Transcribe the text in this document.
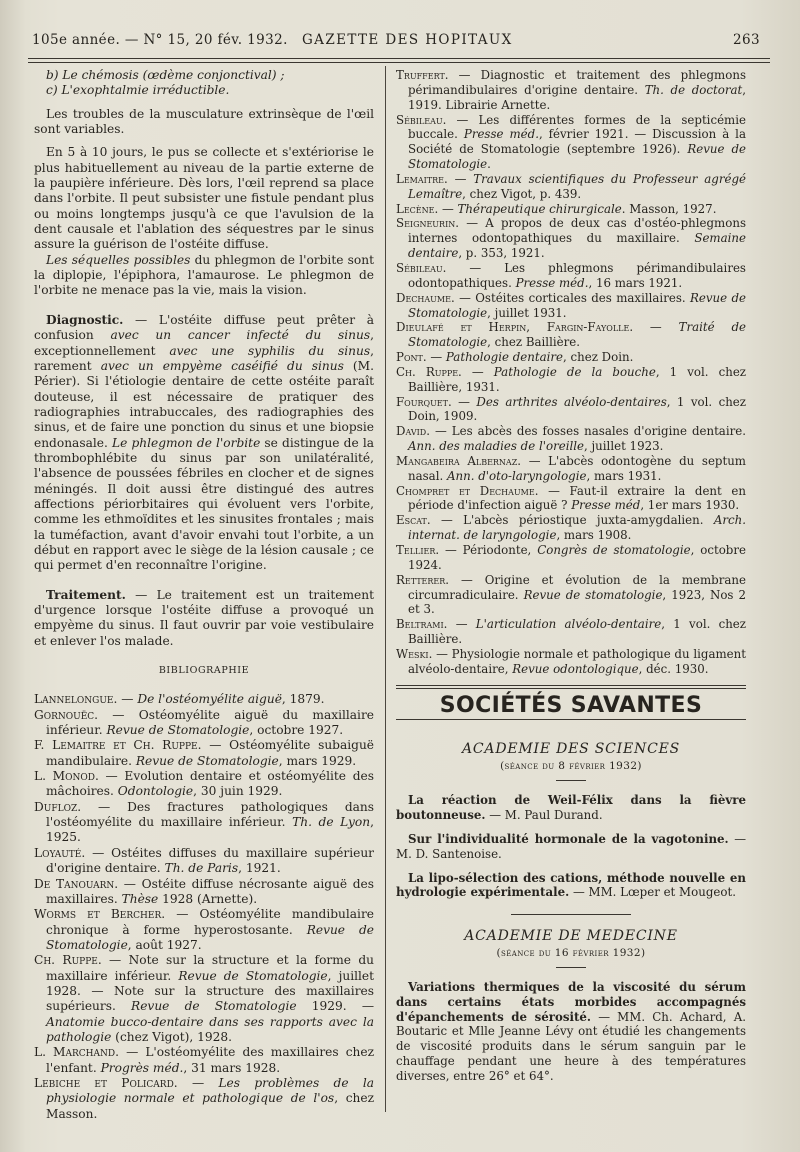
105e année. — N° 15, 20 fév. 1932. GAZETTE DES HOPITAUX	263

b) Le chémosis (œdème conjonctival) ;

c) L'exophtalmie irréductible.

Les troubles de la musculature extrinsèque de l'œil sont variables.

En 5 à 10 jours, le pus se collecte et s'extériorise le plus habituellement au niveau de la partie externe de la paupière inférieure. Dès lors, l'œil reprend sa place dans l'orbite. Il peut subsister une fistule pendant plus ou moins longtemps jusqu'à ce que l'avulsion de la dent causale et l'ablation des séquestres par le sinus assure la guérison de l'ostéite diffuse.

Les séquelles possibles du phlegmon de l'orbite sont la diplopie, l'épiphora, l'amaurose. Le phlegmon de l'orbite ne menace pas la vie, mais la vision.

Diagnostic. — L'ostéite diffuse peut prêter à confusion avec un cancer infecté du sinus, exceptionnellement avec une syphilis du sinus, rarement avec un empyème caséifié du sinus (M. Périer). Si l'étiologie dentaire de cette ostéite paraît douteuse, il est nécessaire de pratiquer des radiographies intrabuccales, des radiographies des sinus, et de faire une ponction du sinus et une biopsie endonasale. Le phlegmon de l'orbite se distingue de la thrombophlébite du sinus par son unilatéralité, l'absence de poussées fébriles en clocher et de signes méningés. Il doit aussi être distingué des autres affections périorbitaires qui évoluent vers l'orbite, comme les ethmoïdites et les sinusites frontales ; mais la tuméfaction, avant d'avoir envahi tout l'orbite, a un début en rapport avec le siège de la lésion causale ; ce qui permet d'en reconnaître l'origine.

Traitement. — Le traitement est un traitement d'urgence lorsque l'ostéite diffuse a provoqué un empyème du sinus. Il faut ouvrir par voie vestibulaire et enlever l'os malade.

BIBLIOGRAPHIE

Lannelongue. — De l'ostéomyélite aiguë, 1879.

Gornouëc. — Ostéomyélite aiguë du maxillaire inférieur. Revue de Stomatologie, octobre 1927.

F. Lemaitre et Ch. Ruppe. — Ostéomyélite subaiguë mandibulaire. Revue de Stomatologie, mars 1929.

L. Monod. — Evolution dentaire et ostéomyélite des mâchoires. Odontologie, 30 juin 1929.

Dufloz. — Des fractures pathologiques dans l'ostéomyélite du maxillaire inférieur. Th. de Lyon, 1925.

Loyauté. — Ostéites diffuses du maxillaire supérieur d'origine dentaire. Th. de Paris, 1921.

De Tanouarn. — Ostéite diffuse nécrosante aiguë des maxillaires. Thèse 1928 (Arnette).

Worms et Bercher. — Ostéomyélite mandibulaire chronique à forme hyperostosante. Revue de Stomatologie, août 1927.

Ch. Ruppe. — Note sur la structure et la forme du maxillaire inférieur. Revue de Stomatologie, juillet 1928. — Note sur la structure des maxillaires supérieurs. Revue de Stomatologie 1929. — Anatomie bucco-dentaire dans ses rapports avec la pathologie (chez Vigot), 1928.

L. Marchand. — L'ostéomyélite des maxillaires chez l'enfant. Progrès méd., 31 mars 1928.

Lebiche et Policard. — Les problèmes de la physiologie normale et pathologique de l'os, chez Masson.

Truffert. — Diagnostic et traitement des phlegmons périmandibulaires d'origine dentaire. Th. de doctorat, 1919. Librairie Arnette.

Sébileau. — Les différentes formes de la septicémie buccale. Presse méd., février 1921. — Discussion à la Société de Stomatologie (septembre 1926). Revue de Stomatologie.

Lemaitre. — Travaux scientifiques du Professeur agrégé Lemaître, chez Vigot, p. 439.

Lecène. — Thérapeutique chirurgicale. Masson, 1927.

Seigneurin. — A propos de deux cas d'ostéo-phlegmons internes odontopathiques du maxillaire. Semaine dentaire, p. 353, 1921.

Sébileau. — Les phlegmons périmandibulaires odontopathiques. Presse méd., 16 mars 1921.

Dechaume. — Ostéites corticales des maxillaires. Revue de Stomatologie, juillet 1931.

Dieulafé et Herpin, Fargin-Fayolle. — Traité de Stomatologie, chez Baillière.

Pont. — Pathologie dentaire, chez Doin.

Ch. Ruppe. — Pathologie de la bouche, 1 vol. chez Baillière, 1931.

Fourquet. — Des arthrites alvéolo-dentaires, 1 vol. chez Doin, 1909.

David. — Les abcès des fosses nasales d'origine dentaire. Ann. des maladies de l'oreille, juillet 1923.

Mangabeira Albernaz. — L'abcès odontogène du septum nasal. Ann. d'oto-laryngologie, mars 1931.

Chompret et Dechaume. — Faut-il extraire la dent en période d'infection aiguë ? Presse méd, 1er mars 1930.

Escat. — L'abcès périostique juxta-amygdalien. Arch. internat. de laryngologie, mars 1908.

Tellier. — Périodonte, Congrès de stomatologie, octobre 1924.

Retterer. — Origine et évolution de la membrane circumradiculaire. Revue de stomatologie, 1923, Nos 2 et 3.

Beltrami. — L'articulation alvéolo-dentaire, 1 vol. chez Baillière.

Weski. — Physiologie normale et pathologique du ligament alvéolo-dentaire, Revue odontologique, déc. 1930.

SOCIÉTÉS SAVANTES

ACADEMIE DES SCIENCES

(séance du 8 février 1932)

La réaction de Weil-Félix dans la fièvre boutonneuse. — M. Paul Durand.

Sur l'individualité hormonale de la vagotonine. — M. D. Santenoise.

La lipo-sélection des cations, méthode nouvelle en hydrologie expérimentale. — MM. Lœper et Mougeot.

ACADEMIE DE MEDECINE

(séance du 16 février 1932)

Variations thermiques de la viscosité du sérum dans certains états morbides accompagnés d'épanchements de sérosité. — MM. Ch. Achard, A. Boutaric et Mlle Jeanne Lévy ont étudié les changements de viscosité produits dans le sérum sanguin par le chauffage pendant une heure à des températures diverses, entre 26° et 64°.
